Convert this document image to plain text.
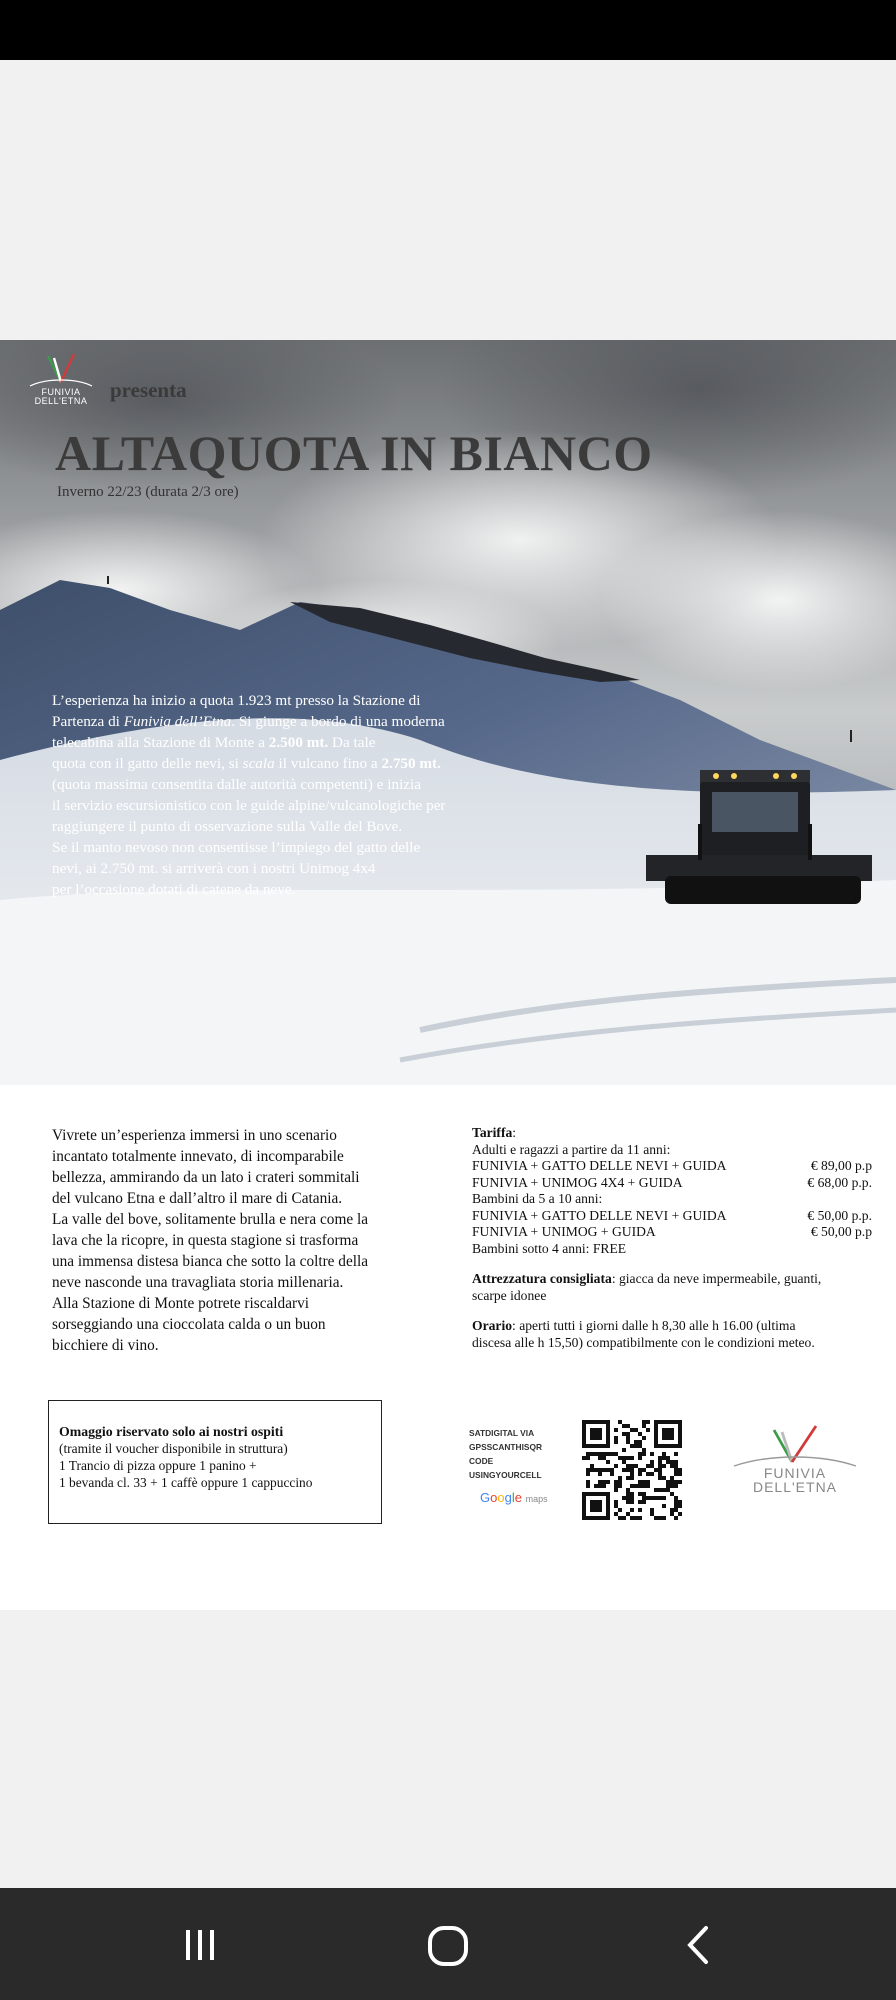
FUNIVIA
DELL'ETNA	presenta
ALTAQUOTA IN BIANCO
Inverno 22/23 (durata 2/3 ore)

L’esperienza ha inizio a quota 1.923 mt presso la Stazione di

Partenza di Funivia dell’Etna. Si giunge a bordo di una moderna

telecabina alla Stazione di Monte a 2.500 mt. Da tale

quota con il gatto delle nevi, si scala il vulcano fino a 2.750 mt.

(quota massima consentita dalle autorità competenti) e inizia

il servizio escursionistico con le guide alpine/vulcanologiche per

raggiungere il punto di osservazione sulla Valle del Bove.

Se il manto nevoso non consentisse l’impiego del gatto delle

nevi, ai 2.750 mt. si arriverà con i nostri Unimog 4x4

per l’occasione dotati di catene da neve.

Vivrete un’esperienza immersi in uno scenario
incantato totalmente innevato, di incomparabile
bellezza, ammirando da un lato i crateri sommitali
del vulcano Etna e dall’altro il mare di Catania.
La valle del bove, solitamente brulla e nera come la
lava che la ricopre, in questa stagione si trasforma
una immensa distesa bianca che sotto la coltre della
neve nasconde una travagliata storia millenaria.
Alla Stazione di Monte potrete riscaldarvi
sorseggiando una cioccolata calda o un buon
bicchiere di vino.
Tariffa:
Adulti e ragazzi a partire da 11 anni:
FUNIVIA + GATTO DELLE NEVI + GUIDA	€ 89,00 p.p
FUNIVIA + UNIMOG 4X4 + GUIDA	€ 68,00 p.p.
Bambini da 5 a 10 anni:
FUNIVIA + GATTO DELLE NEVI + GUIDA	€ 50,00 p.p.
FUNIVIA + UNIMOG + GUIDA	€ 50,00 p.p
Bambini sotto 4 anni: FREE
Attrezzatura consigliata: giacca da neve impermeabile, guanti,
scarpe idonee
Orario: aperti tutti i giorni dalle h 8,30 alle h 16.00 (ultima
discesa alle h 15,50) compatibilmente con le condizioni meteo.
Omaggio riservato solo ai nostri ospiti
(tramite il voucher disponibile in struttura)
1 Trancio di pizza oppure 1 panino +
1 bevanda cl. 33 + 1 caffè oppure 1 cappuccino
SATDIGITAL VIA
GPSSCANTHISQR
CODE
USINGYOURCELL
Google maps
FUNIVIA
DELL'ETNA
